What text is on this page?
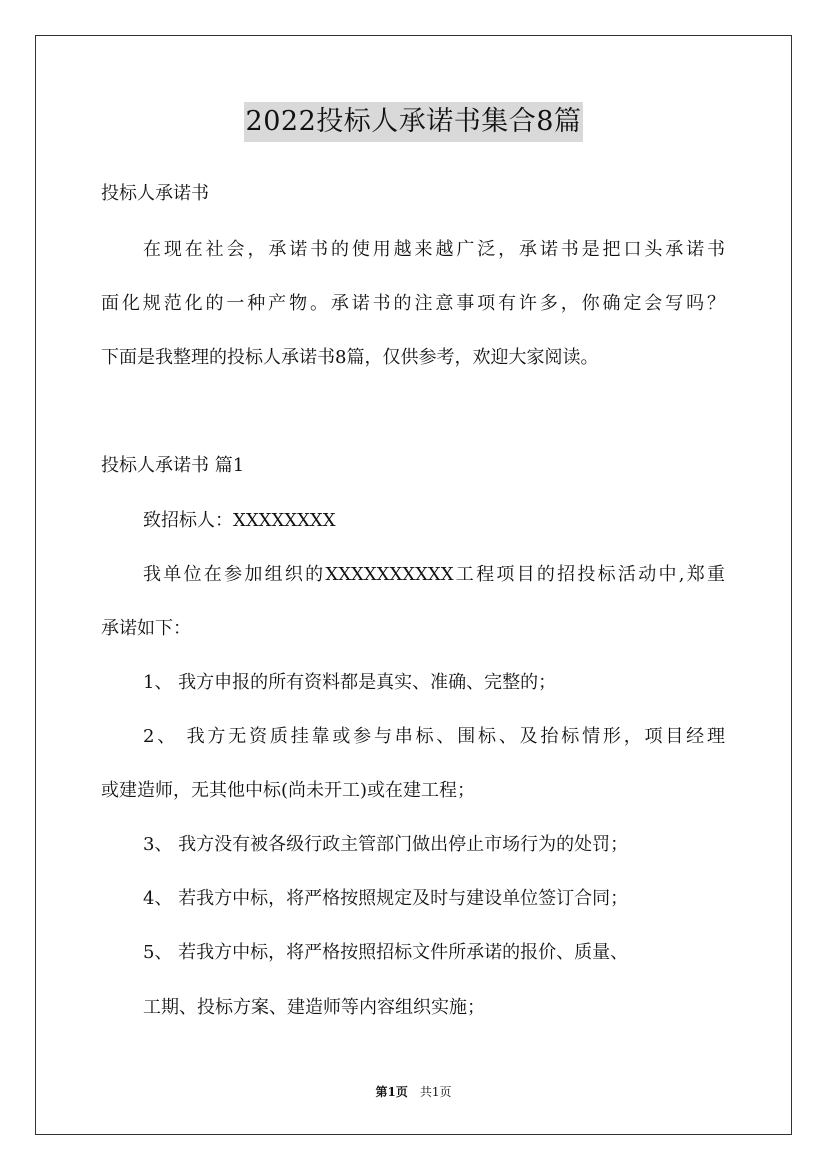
2022投标人承诺书集合8篇
投标人承诺书
在现在社会，承诺书的使用越来越广泛，承诺书是把口头承诺书
面化规范化的一种产物。承诺书的注意事项有许多，你确定会写吗？
下面是我整理的投标人承诺书8篇，仅供参考，欢迎大家阅读。
投标人承诺书 篇1
致招标人：XXXXXXXX
我单位在参加组织的XXXXXXXXXX工程项目的招投标活动中,郑重
承诺如下：
1、 我方申报的所有资料都是真实、准确、完整的；
2、 我方无资质挂靠或参与串标、围标、及抬标情形，项目经理
或建造师，无其他中标(尚未开工)或在建工程；
3、 我方没有被各级行政主管部门做出停止市场行为的处罚；
4、 若我方中标，将严格按照规定及时与建设单位签订合同；
5、 若我方中标，将严格按照招标文件所承诺的报价、质量、
工期、投标方案、建造师等内容组织实施；
第1页 共1页
